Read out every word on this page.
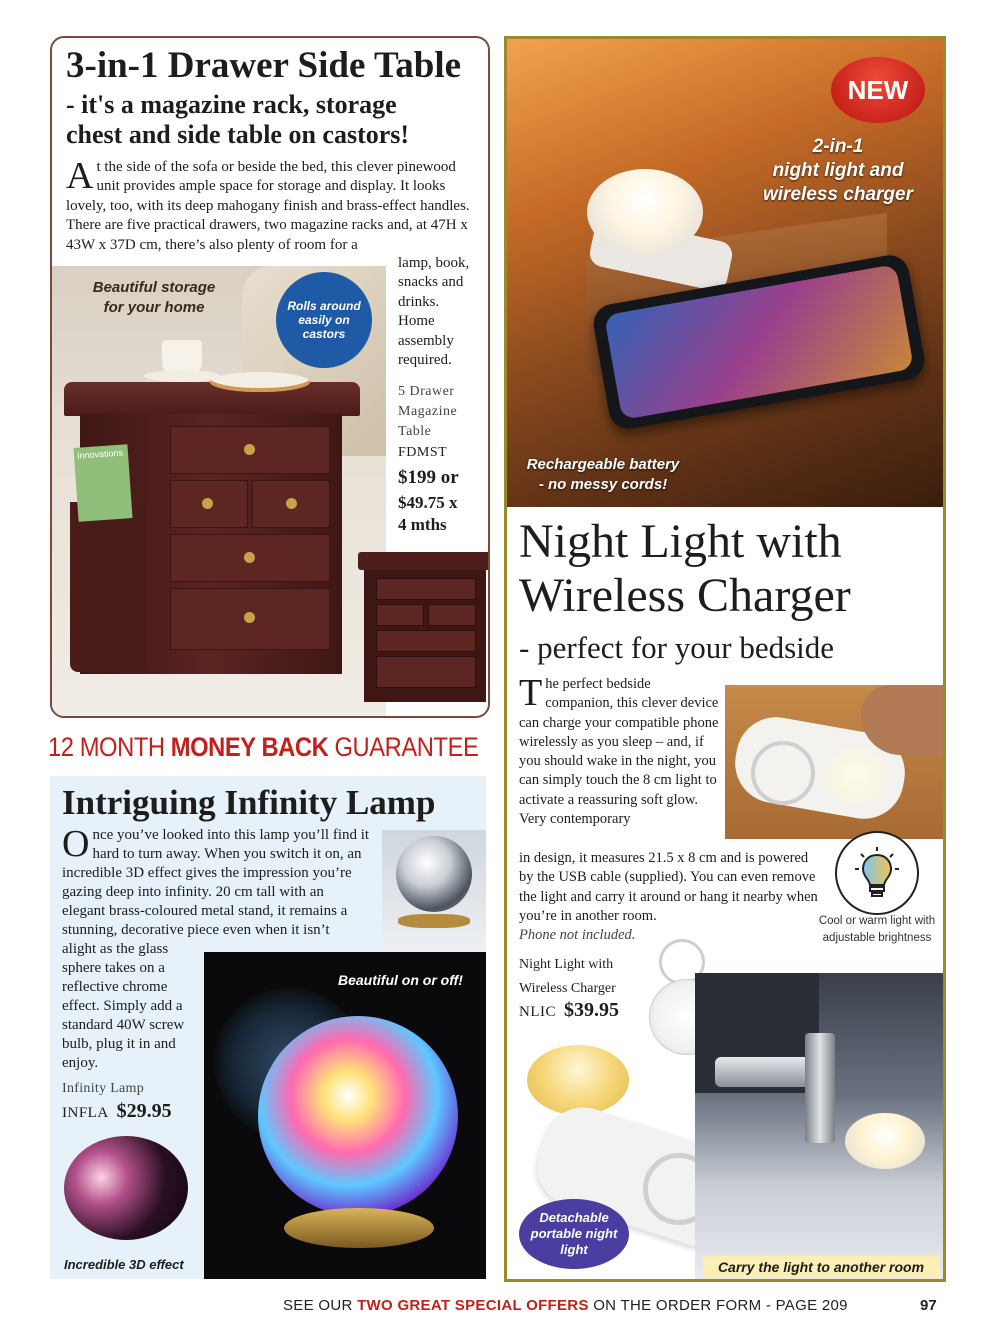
3-in-1 Drawer Side Table
- it's a magazine rack, storage
chest and side table on castors!
A t the side of the sofa or beside the bed, this clever pinewood unit provides ample space for storage and display. It looks lovely, too, with its deep mahogany finish and brass-effect handles. There are five practical drawers, two magazine racks and, at 47H x 43W x 37D cm, there’s also plenty of room for a
Innovations
Beautiful storage
for your home	Rolls around easily on castors
lamp, book, snacks and drinks. Home assembly required.
5 Drawer Magazine Table
FDMST
$199 or
$49.75 x
4 mths
12 MONTH MONEY BACK GUARANTEE
Intriguing Infinity Lamp
O nce you’ve looked into this lamp you’ll find it hard to turn away. When you switch it on, an incredible 3D effect gives the impression you’re gazing deep into infinity. 20 cm tall with an elegant brass-coloured metal stand, it remains a stunning, decorative piece even when it isn’t
alight as the glass sphere takes on a reflective chrome effect. Simply add a standard 40W screw bulb, plug it in and enjoy.
Infinity Lamp
INFLA $29.95
Beautiful on or off!
Incredible 3D effect
NEW
2-in-1
night light and
wireless charger
Rechargeable battery
- no messy cords!
Night Light with
Wireless Charger
- perfect for your bedside
T he perfect bedside companion, this clever device can charge your compatible phone wirelessly as you sleep – and, if you should wake in the night, you can simply touch the 8 cm light to activate a reassuring soft glow. Very contemporary
in design, it measures 21.5 x 8 cm and is powered by the USB cable (supplied). You can even remove the light and carry it around or hang it nearby when you’re in another room.
Phone not included.
Cool or warm light with adjustable brightness
Night Light with
Wireless Charger
NLIC $39.95
Detachable portable night light
Carry the light to another room
SEE OUR TWO GREAT SPECIAL OFFERS ON THE ORDER FORM - PAGE 209	97
